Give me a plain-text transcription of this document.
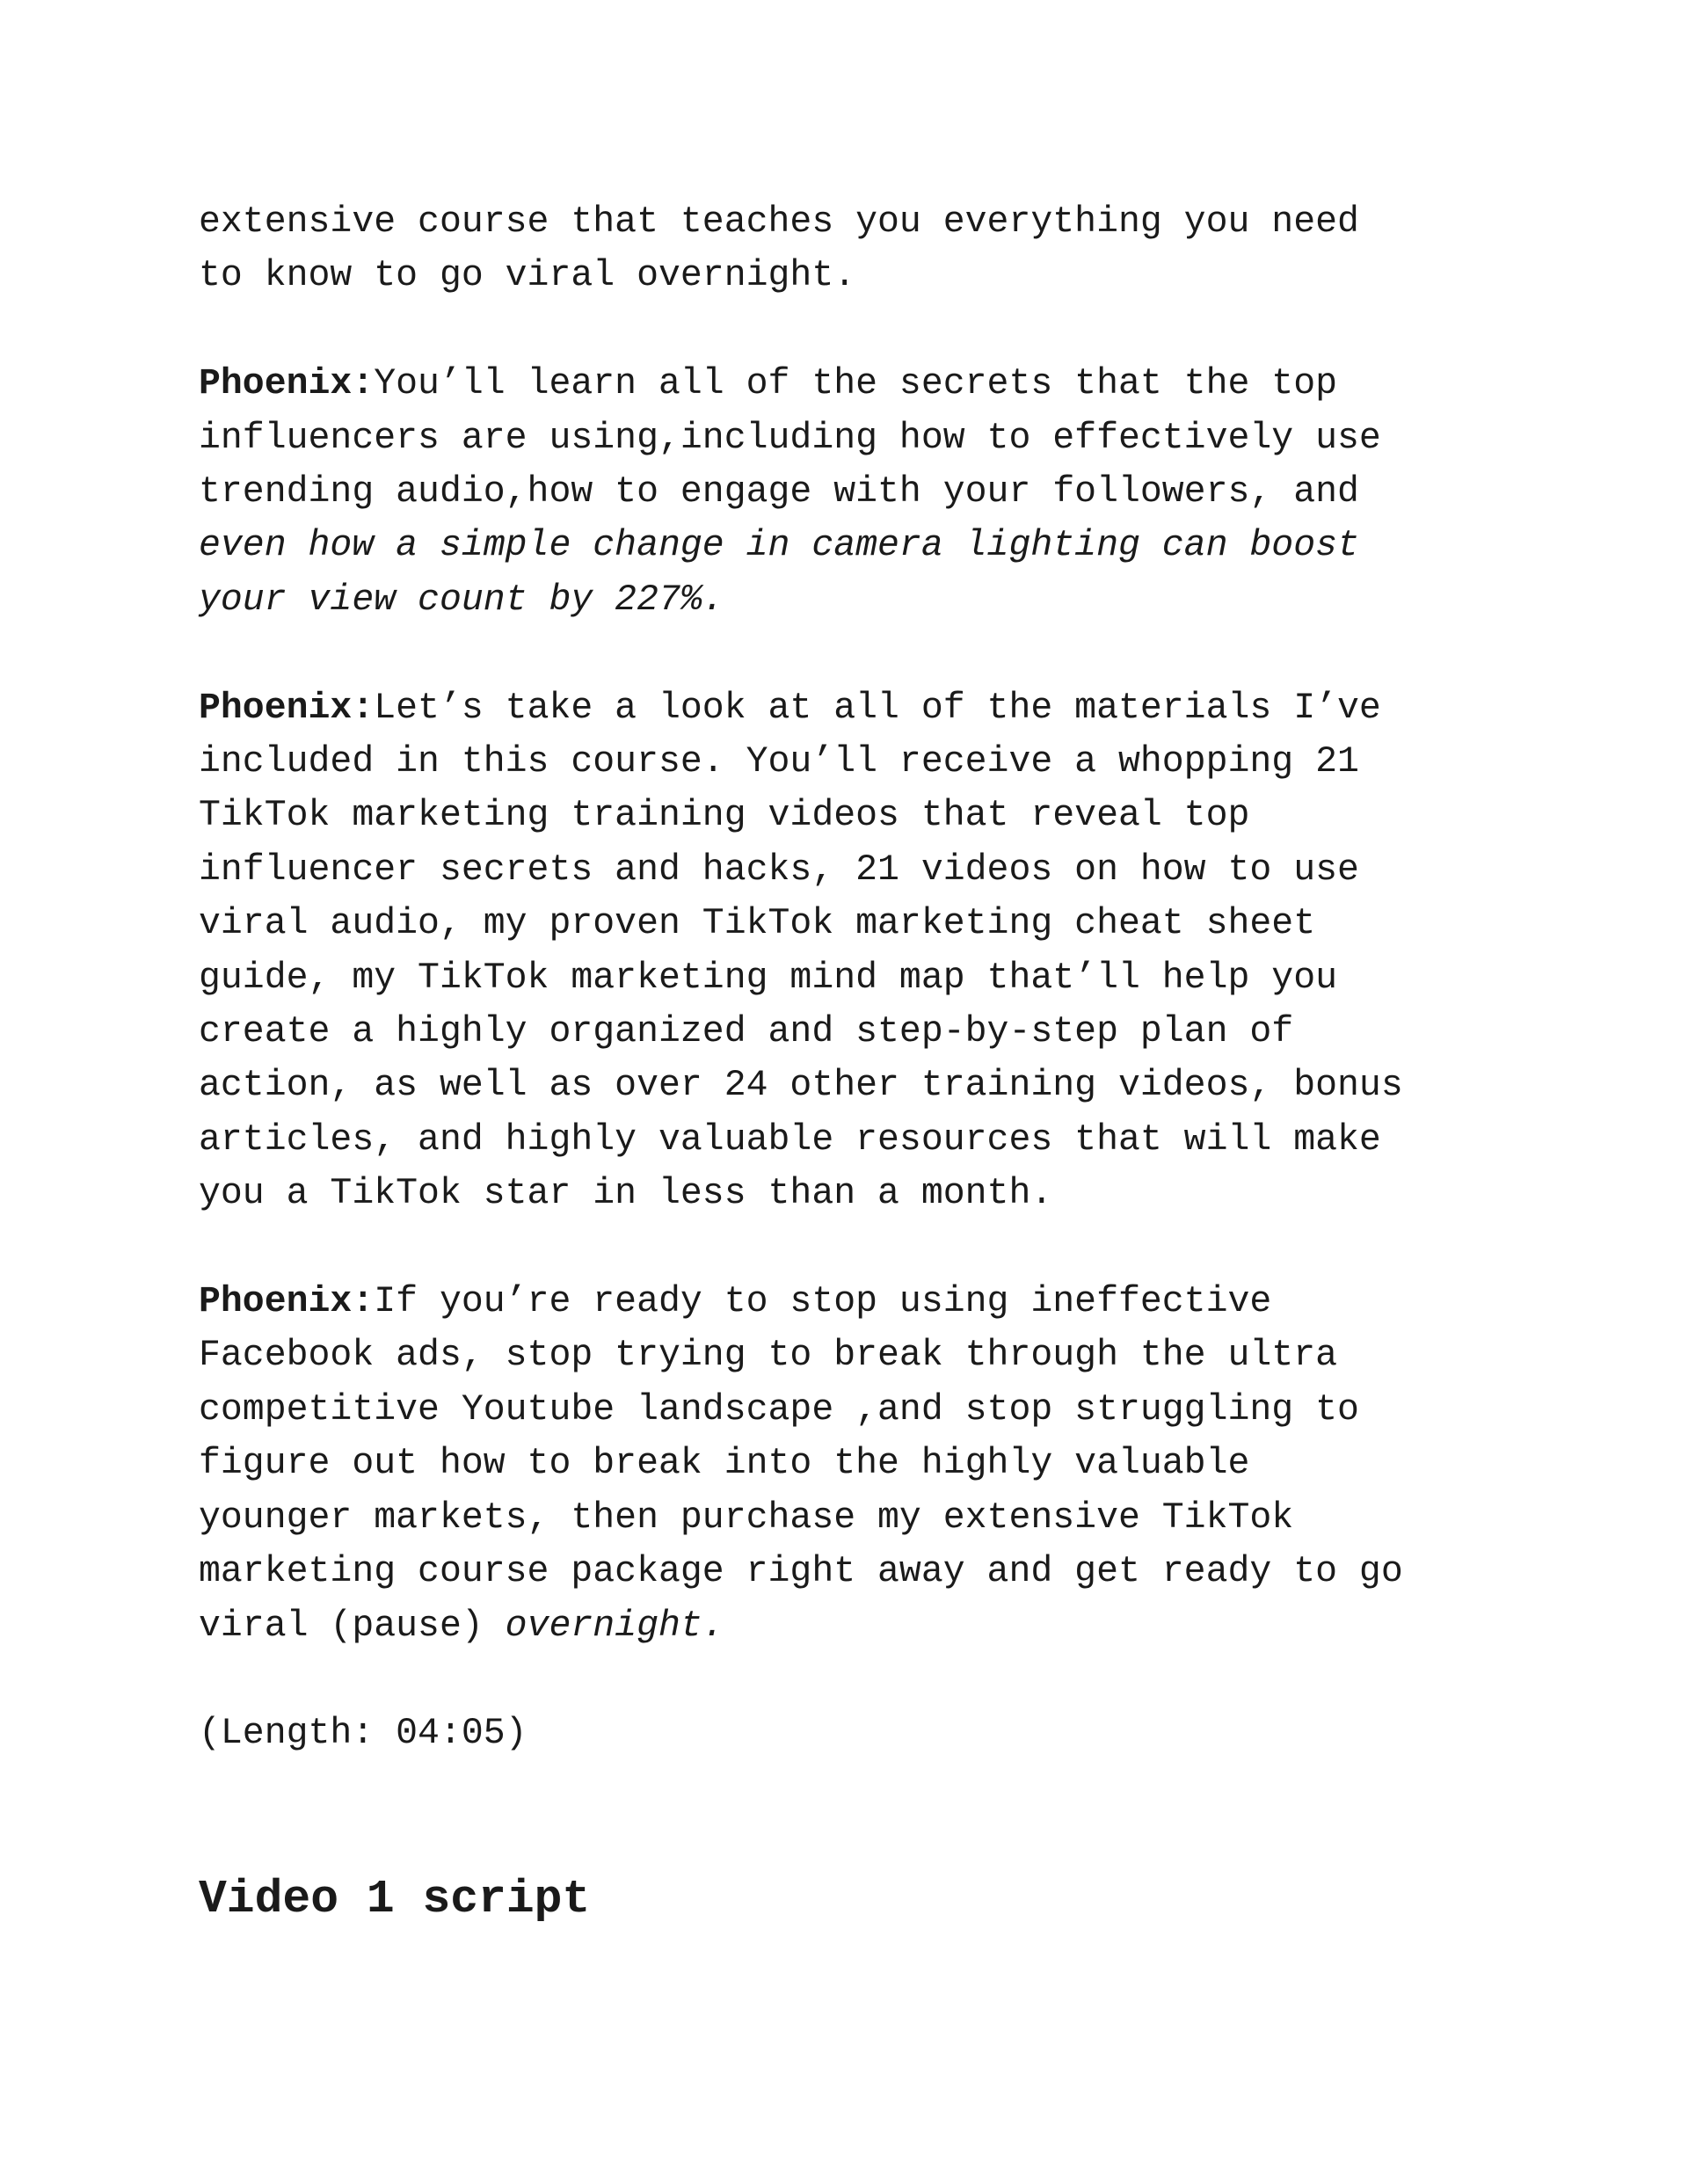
extensive course that teaches you everything you need
to know to go viral overnight.

Phoenix:You’ll learn all of the secrets that the top
influencers are using,including how to effectively use
trending audio,how to engage with your followers, and
even how a simple change in camera lighting can boost
your view count by 227%.

Phoenix:Let’s take a look at all of the materials I’ve
included in this course. You’ll receive a whopping 21
TikTok marketing training videos that reveal top
influencer secrets and hacks, 21 videos on how to use
viral audio, my proven TikTok marketing cheat sheet
guide, my TikTok marketing mind map that’ll help you
create a highly organized and step-by-step plan of
action, as well as over 24 other training videos, bonus
articles, and highly valuable resources that will make
you a TikTok star in less than a month.

Phoenix:If you’re ready to stop using ineffective
Facebook ads, stop trying to break through the ultra
competitive Youtube landscape ,and stop struggling to
figure out how to break into the highly valuable
younger markets, then purchase my extensive TikTok
marketing course package right away and get ready to go
viral (pause) overnight.

(Length: 04:05)

Video 1 script
